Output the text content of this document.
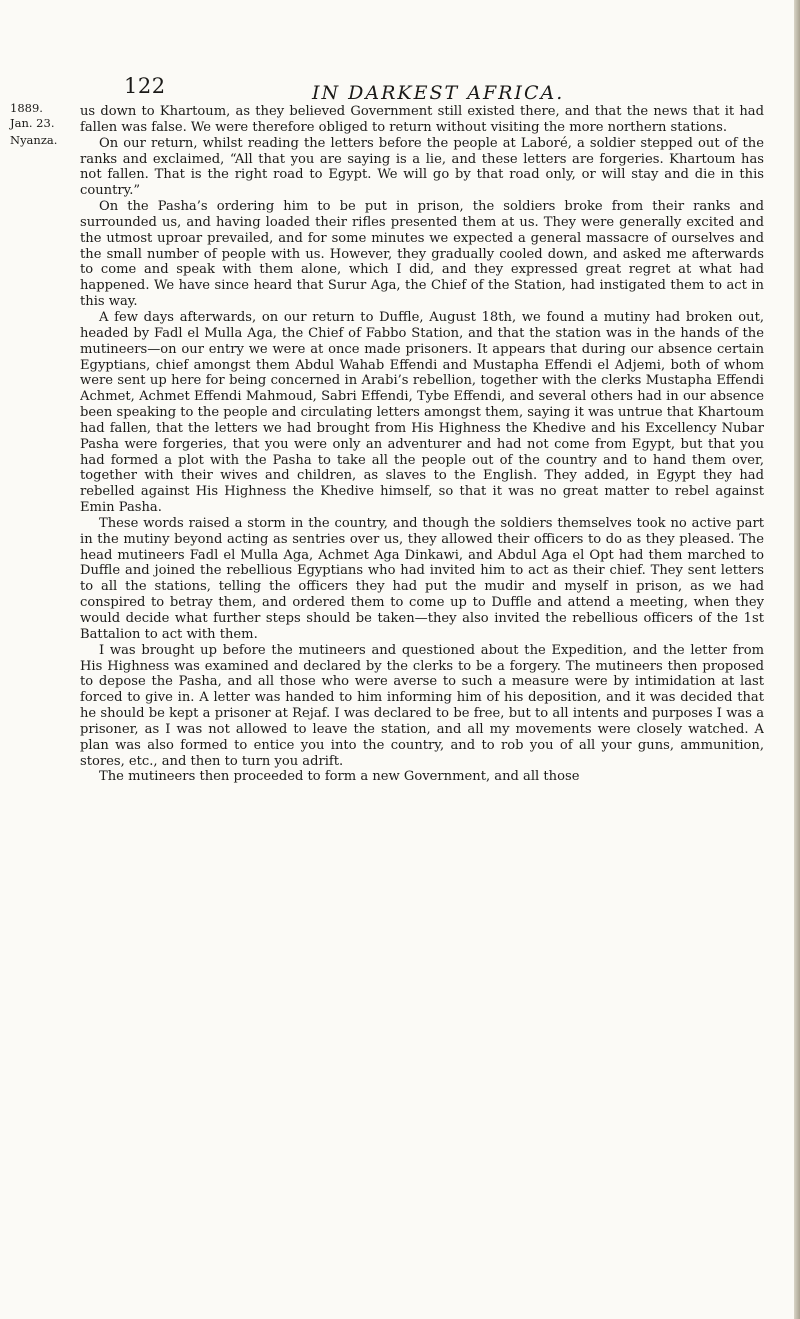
122	IN DARKEST AFRICA.
1889.
Jan. 23.
Nyanza.

us down to Khartoum, as they believed Government still existed there, and that the news that it had fallen was false. We were therefore obliged to return without visiting the more northern stations.

On our return, whilst reading the letters before the people at Laboré, a soldier stepped out of the ranks and exclaimed, “All that you are saying is a lie, and these letters are forgeries. Khartoum has not fallen. That is the right road to Egypt. We will go by that road only, or will stay and die in this country.”

On the Pasha’s ordering him to be put in prison, the soldiers broke from their ranks and surrounded us, and having loaded their rifles presented them at us. They were generally excited and the utmost uproar prevailed, and for some minutes we expected a general massacre of ourselves and the small number of people with us. However, they gradually cooled down, and asked me afterwards to come and speak with them alone, which I did, and they expressed great regret at what had happened. We have since heard that Surur Aga, the Chief of the Station, had instigated them to act in this way.

A few days afterwards, on our return to Duffle, August 18th, we found a mutiny had broken out, headed by Fadl el Mulla Aga, the Chief of Fabbo Station, and that the station was in the hands of the mutineers—on our entry we were at once made prisoners. It appears that during our absence certain Egyptians, chief amongst them Abdul Wahab Effendi and Mustapha Effendi el Adjemi, both of whom were sent up here for being concerned in Arabi’s rebellion, together with the clerks Mustapha Effendi Achmet, Achmet Effendi Mahmoud, Sabri Effendi, Tybe Effendi, and several others had in our absence been speaking to the people and circulating letters amongst them, saying it was untrue that Khartoum had fallen, that the letters we had brought from His Highness the Khedive and his Excellency Nubar Pasha were forgeries, that you were only an adventurer and had not come from Egypt, but that you had formed a plot with the Pasha to take all the people out of the country and to hand them over, together with their wives and children, as slaves to the English. They added, in Egypt they had rebelled against His Highness the Khedive himself, so that it was no great matter to rebel against Emin Pasha.

These words raised a storm in the country, and though the soldiers themselves took no active part in the mutiny beyond acting as sentries over us, they allowed their officers to do as they pleased. The head mutineers Fadl el Mulla Aga, Achmet Aga Dinkawi, and Abdul Aga el Opt had them marched to Duffle and joined the rebellious Egyptians who had invited him to act as their chief. They sent letters to all the stations, telling the officers they had put the mudir and myself in prison, as we had conspired to betray them, and ordered them to come up to Duffle and attend a meeting, when they would decide what further steps should be taken—they also invited the rebellious officers of the 1st Battalion to act with them.

I was brought up before the mutineers and questioned about the Expedition, and the letter from His Highness was examined and declared by the clerks to be a forgery. The mutineers then proposed to depose the Pasha, and all those who were averse to such a measure were by intimidation at last forced to give in. A letter was handed to him informing him of his deposition, and it was decided that he should be kept a prisoner at Rejaf. I was declared to be free, but to all intents and purposes I was a prisoner, as I was not allowed to leave the station, and all my movements were closely watched. A plan was also formed to entice you into the country, and to rob you of all your guns, ammunition, stores, etc., and then to turn you adrift.

The mutineers then proceeded to form a new Government, and all those
